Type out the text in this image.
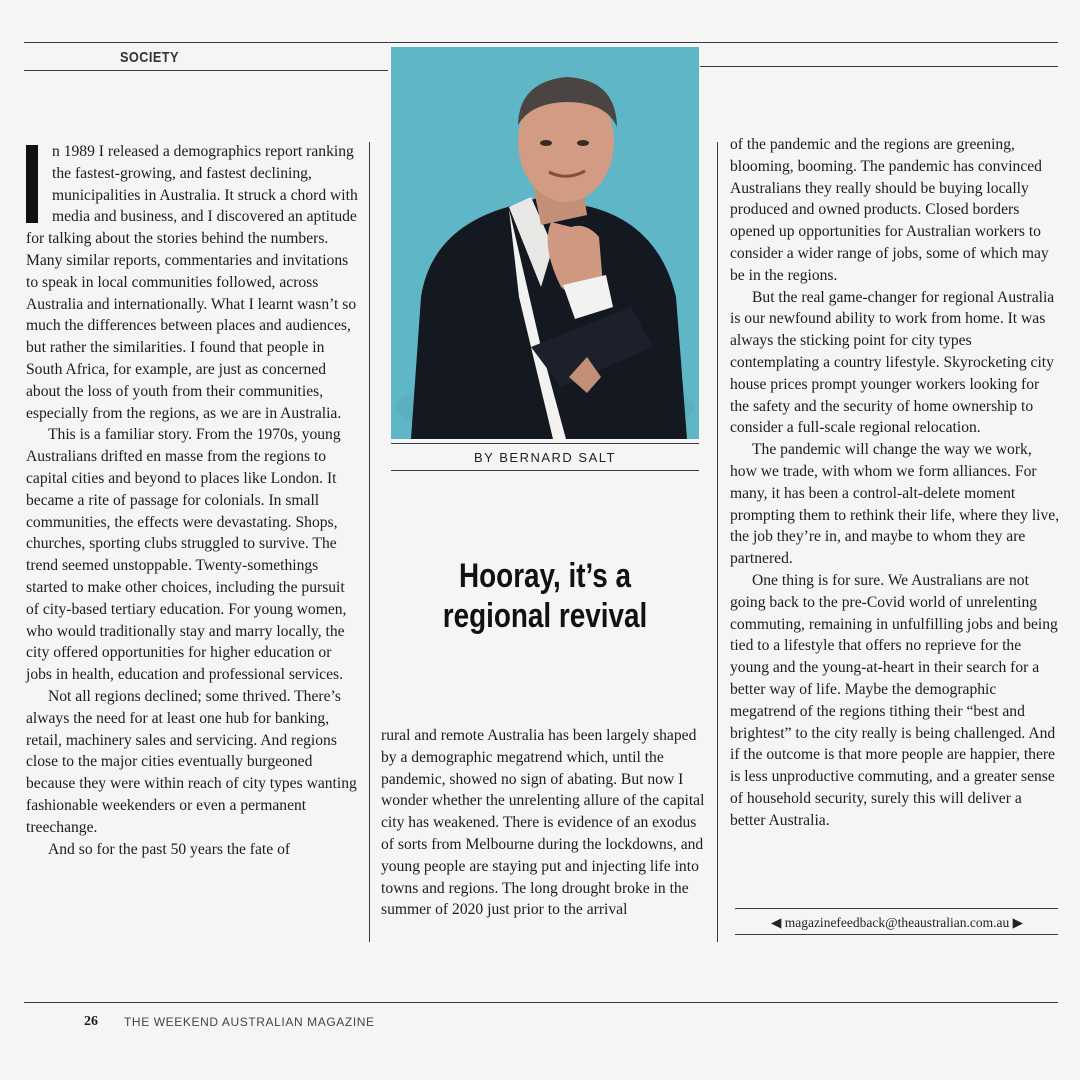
SOCIETY

n 1989 I released a demographics report ranking the fastest-growing, and fastest declining, municipalities in Australia. It struck a chord with media and business, and I discovered an aptitude for talking about the stories behind the numbers. Many similar reports, commentaries and invitations to speak in local communities followed, across Australia and internationally. What I learnt wasn’t so much the differences between places and audiences, but rather the similarities. I found that people in South Africa, for example, are just as concerned about the loss of youth from their communities, especially from the regions, as we are in Australia.

This is a familiar story. From the 1970s, young Australians drifted en masse from the regions to capital cities and beyond to places like London. It became a rite of passage for colonials. In small communities, the effects were devastating. Shops, churches, sporting clubs struggled to survive. The trend seemed unstoppable. Twenty-somethings started to make other choices, including the pursuit of city-based tertiary education. For young women, who would traditionally stay and marry locally, the city offered opportunities for higher education or jobs in health, education and professional services.

Not all regions declined; some thrived. There’s always the need for at least one hub for banking, retail, machinery sales and servicing. And regions close to the major cities eventually burgeoned because they were within reach of city types wanting fashionable weekenders or even a permanent treechange.

And so for the past 50 years the fate of

BY BERNARD SALT
Hooray, it’s a regional revival

rural and remote Australia has been largely shaped by a demographic megatrend which, until the pandemic, showed no sign of abating. But now I wonder whether the unrelenting allure of the capital city has weakened. There is evidence of an exodus of sorts from Melbourne during the lockdowns, and young people are staying put and injecting life into towns and regions. The long drought broke in the summer of 2020 just prior to the arrival

of the pandemic and the regions are greening, blooming, booming. The pandemic has convinced Australians they really should be buying locally produced and owned products. Closed borders opened up opportunities for Australian workers to consider a wider range of jobs, some of which may be in the regions.

But the real game-changer for regional Australia is our newfound ability to work from home. It was always the sticking point for city types contemplating a country lifestyle. Skyrocketing city house prices prompt younger workers looking for the safety and the security of home ownership to consider a full-scale regional relocation.

The pandemic will change the way we work, how we trade, with whom we form alliances. For many, it has been a control-alt-delete moment prompting them to rethink their life, where they live, the job they’re in, and maybe to whom they are partnered.

One thing is for sure. We Australians are not going back to the pre-Covid world of unrelenting commuting, remaining in unfulfilling jobs and being tied to a lifestyle that offers no reprieve for the young and the young-at-heart in their search for a better way of life. Maybe the demographic megatrend of the regions tithing their “best and brightest” to the city really is being challenged. And if the outcome is that more people are happier, there is less unproductive commuting, and a greater sense of household security, surely this will deliver a better Australia.

◀ magazinefeedback@theaustralian.com.au ▶
26 THE WEEKEND AUSTRALIAN MAGAZINE
